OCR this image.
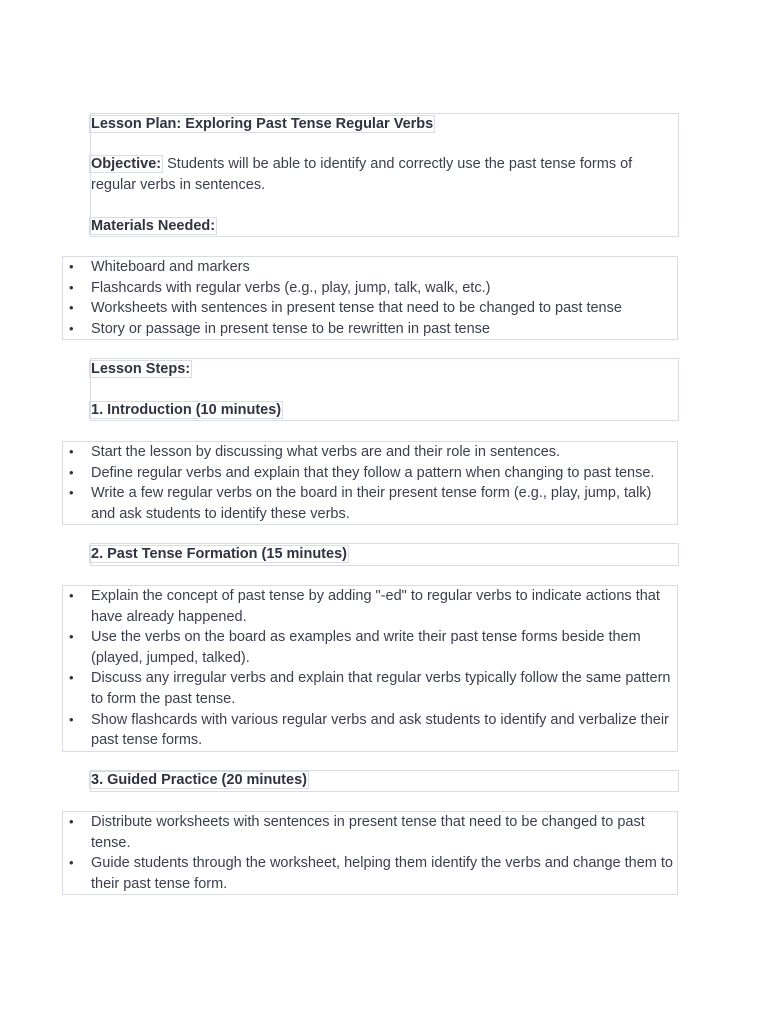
Lesson Plan: Exploring Past Tense Regular Verbs
Objective: Students will be able to identify and correctly use the past tense forms of regular verbs in sentences.
Materials Needed:
• Whiteboard and markers
• Flashcards with regular verbs (e.g., play, jump, talk, walk, etc.)
• Worksheets with sentences in present tense that need to be changed to past tense
• Story or passage in present tense to be rewritten in past tense
Lesson Steps:
1. Introduction (10 minutes)
• Start the lesson by discussing what verbs are and their role in sentences.
• Define regular verbs and explain that they follow a pattern when changing to past tense.
• Write a few regular verbs on the board in their present tense form (e.g., play, jump, talk) and ask students to identify these verbs.
2. Past Tense Formation (15 minutes)
• Explain the concept of past tense by adding "-ed" to regular verbs to indicate actions that have already happened.
• Use the verbs on the board as examples and write their past tense forms beside them (played, jumped, talked).
• Discuss any irregular verbs and explain that regular verbs typically follow the same pattern to form the past tense.
• Show flashcards with various regular verbs and ask students to identify and verbalize their past tense forms.
3. Guided Practice (20 minutes)
• Distribute worksheets with sentences in present tense that need to be changed to past tense.
• Guide students through the worksheet, helping them identify the verbs and change them to their past tense form.
